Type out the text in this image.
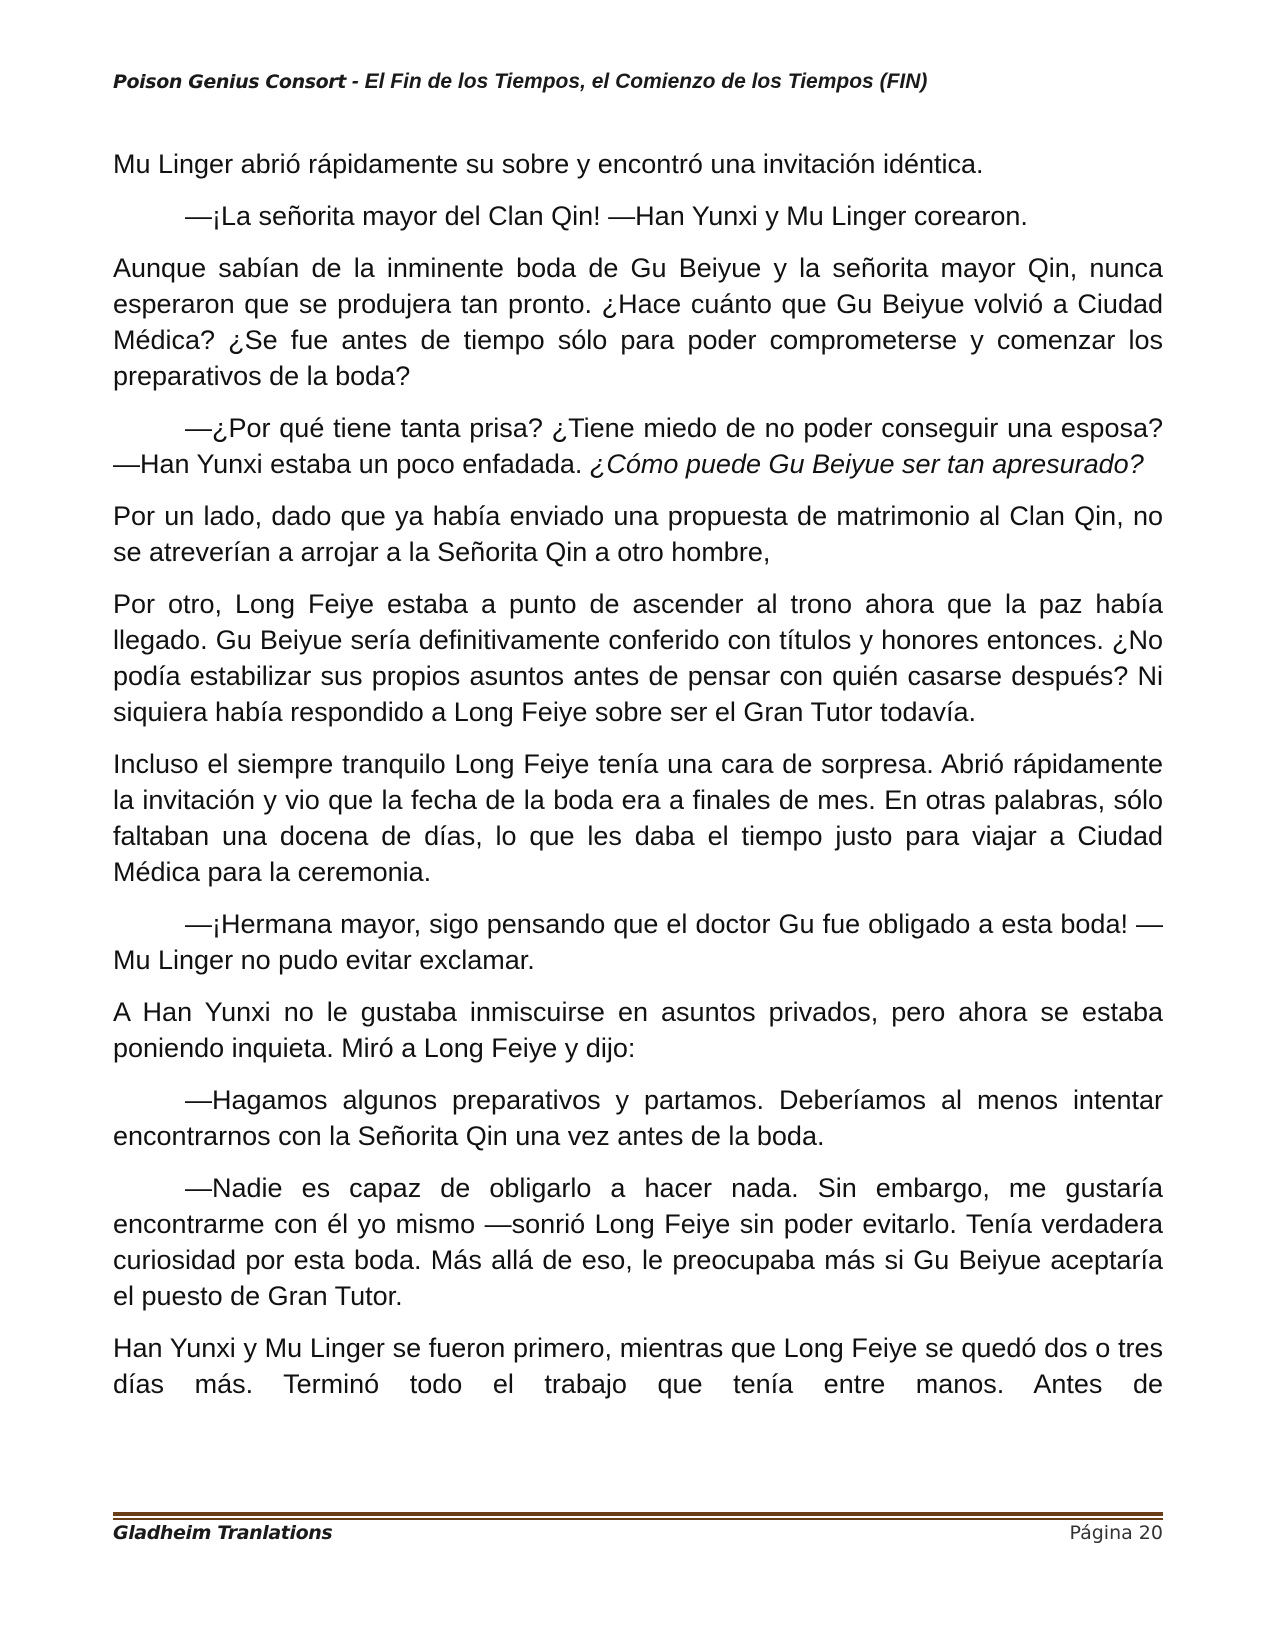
Poison Genius Consort - El Fin de los Tiempos, el Comienzo de los Tiempos (FIN)

Mu Linger abrió rápidamente su sobre y encontró una invitación idéntica.

—¡La señorita mayor del Clan Qin! —Han Yunxi y Mu Linger corearon.

Aunque sabían de la inminente boda de Gu Beiyue y la señorita mayor Qin, nunca esperaron que se produjera tan pronto. ¿Hace cuánto que Gu Beiyue volvió a Ciudad Médica? ¿Se fue antes de tiempo sólo para poder comprometerse y comenzar los preparativos de la boda?

—¿Por qué tiene tanta prisa? ¿Tiene miedo de no poder conseguir una esposa? —Han Yunxi estaba un poco enfadada. ¿Cómo puede Gu Beiyue ser tan apresurado?

Por un lado, dado que ya había enviado una propuesta de matrimonio al Clan Qin, no se atreverían a arrojar a la Señorita Qin a otro hombre,

Por otro, Long Feiye estaba a punto de ascender al trono ahora que la paz había llegado. Gu Beiyue sería definitivamente conferido con títulos y honores entonces. ¿No podía estabilizar sus propios asuntos antes de pensar con quién casarse después? Ni siquiera había respondido a Long Feiye sobre ser el Gran Tutor todavía.

Incluso el siempre tranquilo Long Feiye tenía una cara de sorpresa. Abrió rápidamente la invitación y vio que la fecha de la boda era a finales de mes. En otras palabras, sólo faltaban una docena de días, lo que les daba el tiempo justo para viajar a Ciudad Médica para la ceremonia.

—¡Hermana mayor, sigo pensando que el doctor Gu fue obligado a esta boda! —Mu Linger no pudo evitar exclamar.

A Han Yunxi no le gustaba inmiscuirse en asuntos privados, pero ahora se estaba poniendo inquieta. Miró a Long Feiye y dijo:

—Hagamos algunos preparativos y partamos. Deberíamos al menos intentar encontrarnos con la Señorita Qin una vez antes de la boda.

—Nadie es capaz de obligarlo a hacer nada. Sin embargo, me gustaría encontrarme con él yo mismo —sonrió Long Feiye sin poder evitarlo. Tenía verdadera curiosidad por esta boda. Más allá de eso, le preocupaba más si Gu Beiyue aceptaría el puesto de Gran Tutor.

Han Yunxi y Mu Linger se fueron primero, mientras que Long Feiye se quedó dos o tres días más. Terminó todo el trabajo que tenía entre manos. Antes de

Gladheim Tranlations	Página 20
